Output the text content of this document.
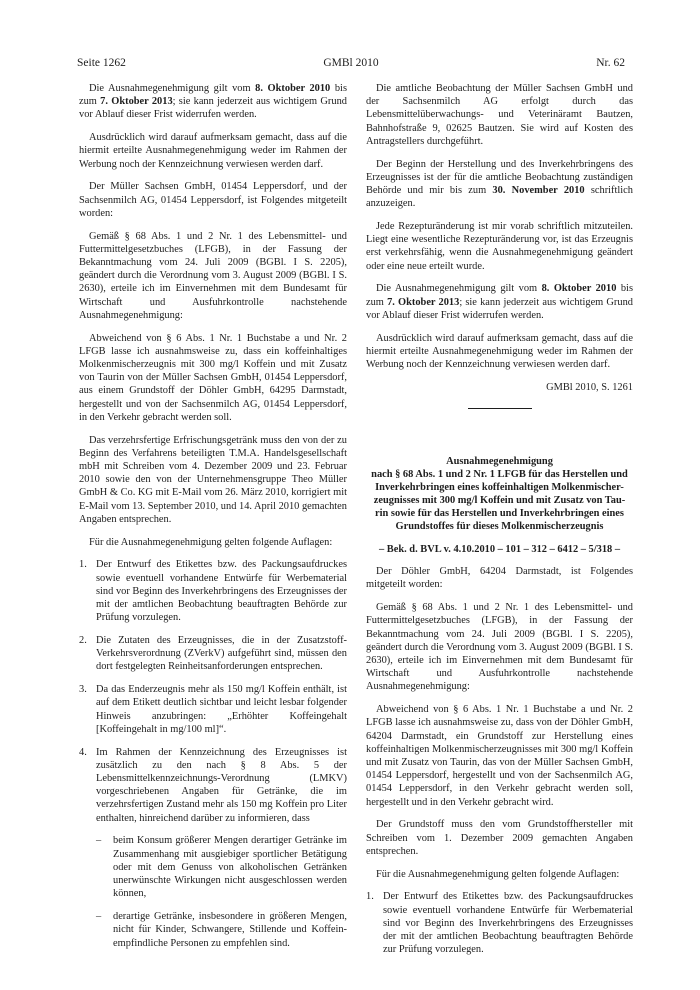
Seite 1262	GMBl 2010	Nr. 62

Die Ausnahmegenehmigung gilt vom 8. Oktober 2010 bis zum 7. Oktober 2013; sie kann jederzeit aus wichtigem Grund vor Ablauf dieser Frist widerrufen werden.

Ausdrücklich wird darauf aufmerksam gemacht, dass auf die hiermit erteilte Ausnahmegenehmigung weder im Rahmen der Werbung noch der Kennzeichnung verwiesen werden darf.

Der Müller Sachsen GmbH, 01454 Leppersdorf, und der Sachsenmilch AG, 01454 Leppersdorf, ist Folgendes mitgeteilt worden:

Gemäß § 68 Abs. 1 und 2 Nr. 1 des Lebensmittel- und Futtermittelgesetzbuches (LFGB), in der Fassung der Bekanntmachung vom 24. Juli 2009 (BGBl. I S. 2205), geändert durch die Verordnung vom 3. August 2009 (BGBl. I S. 2630), erteile ich im Einvernehmen mit dem Bundesamt für Wirtschaft und Ausfuhrkontrolle nachstehende Ausnahmegenehmigung:

Abweichend von § 6 Abs. 1 Nr. 1 Buchstabe a und Nr. 2 LFGB lasse ich ausnahmsweise zu, dass ein koffeinhaltiges Molkenmischerzeugnis mit 300 mg/l Koffein und mit Zusatz von Taurin von der Müller Sachsen GmbH, 01454 Leppersdorf, aus einem Grundstoff der Döhler GmbH, 64295 Darmstadt, hergestellt und von der Sachsenmilch AG, 01454 Leppersdorf, in den Verkehr gebracht werden soll.

Das verzehrsfertige Erfrischungsgetränk muss den von der zu Beginn des Verfahrens beteiligten T.M.A. Handelsgesellschaft mbH mit Schreiben vom 4. Dezember 2009 und 23. Februar 2010 sowie den von der Unternehmensgruppe Theo Müller GmbH & Co. KG mit E-Mail vom 26. März 2010, korrigiert mit E-Mail vom 13. September 2010, und 14. April 2010 gemachten Angaben entsprechen.

Für die Ausnahmegenehmigung gelten folgende Auflagen:

1. Der Entwurf des Etikettes bzw. des Packungsaufdruckes sowie eventuell vorhandene Entwürfe für Werbematerial sind vor Beginn des Inverkehrbringens des Erzeugnisses der mit der amtlichen Beobachtung beauftragten Behörde zur Prüfung vorzulegen.
2. Die Zutaten des Erzeugnisses, die in der Zusatzstoff-Verkehrsverordnung (ZVerkV) aufgeführt sind, müssen den dort festgelegten Reinheitsanforderungen entsprechen.
3. Da das Enderzeugnis mehr als 150 mg/l Koffein enthält, ist auf dem Etikett deutlich sichtbar und leicht lesbar folgender Hinweis anzubringen: „Erhöhter Koffeingehalt [Koffeingehalt in mg/100 ml]“.
4. Im Rahmen der Kennzeichnung des Erzeugnisses ist zusätzlich zu den nach § 8 Abs. 5 der Lebensmittelkennzeichnungs-Verordnung (LMKV) vorgeschriebenen Angaben für Getränke, die im verzehrsfertigen Zustand mehr als 150 mg Koffein pro Liter enthalten, hinreichend darüber zu informieren, dass
–	beim Konsum größerer Mengen derartiger Getränke im Zusammenhang mit ausgiebiger sportlicher Betätigung oder mit dem Genuss von alkoholischen Getränken unerwünschte Wirkungen nicht ausgeschlossen werden können,
–	derartige Getränke, insbesondere in größeren Mengen, nicht für Kinder, Schwangere, Stillende und Koffein-empfindliche Personen zu empfehlen sind.

Die amtliche Beobachtung der Müller Sachsen GmbH und der Sachsenmilch AG erfolgt durch das Lebensmittelüberwachungs- und Veterinäramt Bautzen, Bahnhofstraße 9, 02625 Bautzen. Sie wird auf Kosten des Antragstellers durchgeführt.

Der Beginn der Herstellung und des Inverkehrbringens des Erzeugnisses ist der für die amtliche Beobachtung zuständigen Behörde und mir bis zum 30. November 2010 schriftlich anzuzeigen.

Jede Rezepturänderung ist mir vorab schriftlich mitzuteilen. Liegt eine wesentliche Rezepturänderung vor, ist das Erzeugnis erst verkehrsfähig, wenn die Ausnahmegenehmigung geändert oder eine neue erteilt wurde.

Die Ausnahmegenehmigung gilt vom 8. Oktober 2010 bis zum 7. Oktober 2013; sie kann jederzeit aus wichtigem Grund vor Ablauf dieser Frist widerrufen werden.

Ausdrücklich wird darauf aufmerksam gemacht, dass auf die hiermit erteilte Ausnahmegenehmigung weder im Rahmen der Werbung noch der Kennzeichnung verwiesen werden darf.

GMBl 2010, S. 1261

Ausnahmegenehmigung
nach § 68 Abs. 1 und 2 Nr. 1 LFGB für das Herstellen und
Inverkehrbringen eines koffeinhaltigen Molkenmischer-
zeugnisses mit 300 mg/l Koffein und mit Zusatz von Tau-
rin sowie für das Herstellen und Inverkehrbringen eines
Grundstoffes für dieses Molkenmischerzeugnis

– Bek. d. BVL v. 4.10.2010 – 101 – 312 – 6412 – 5/318 –

Der Döhler GmbH, 64204 Darmstadt, ist Folgendes mitgeteilt worden:

Gemäß § 68 Abs. 1 und 2 Nr. 1 des Lebensmittel- und Futtermittelgesetzbuches (LFGB), in der Fassung der Bekanntmachung vom 24. Juli 2009 (BGBl. I S. 2205), geändert durch die Verordnung vom 3. August 2009 (BGBl. I S. 2630), erteile ich im Einvernehmen mit dem Bundesamt für Wirtschaft und Ausfuhrkontrolle nachstehende Ausnahmegenehmigung:

Abweichend von § 6 Abs. 1 Nr. 1 Buchstabe a und Nr. 2 LFGB lasse ich ausnahmsweise zu, dass von der Döhler GmbH, 64204 Darmstadt, ein Grundstoff zur Herstellung eines koffeinhaltigen Molkenmischerzeugnisses mit 300 mg/l Koffein und mit Zusatz von Taurin, das von der Müller Sachsen GmbH, 01454 Leppersdorf, hergestellt und von der Sachsenmilch AG, 01454 Leppersdorf, in den Verkehr gebracht werden soll, hergestellt und in den Verkehr gebracht wird.

Der Grundstoff muss den vom Grundstoffhersteller mit Schreiben vom 1. Dezember 2009 gemachten Angaben entsprechen.

Für die Ausnahmegenehmigung gelten folgende Auflagen:

1. Der Entwurf des Etikettes bzw. des Packungsaufdruckes sowie eventuell vorhandene Entwürfe für Werbematerial sind vor Beginn des Inverkehrbringens des Erzeugnisses der mit der amtlichen Beobachtung beauftragten Behörde zur Prüfung vorzulegen.
